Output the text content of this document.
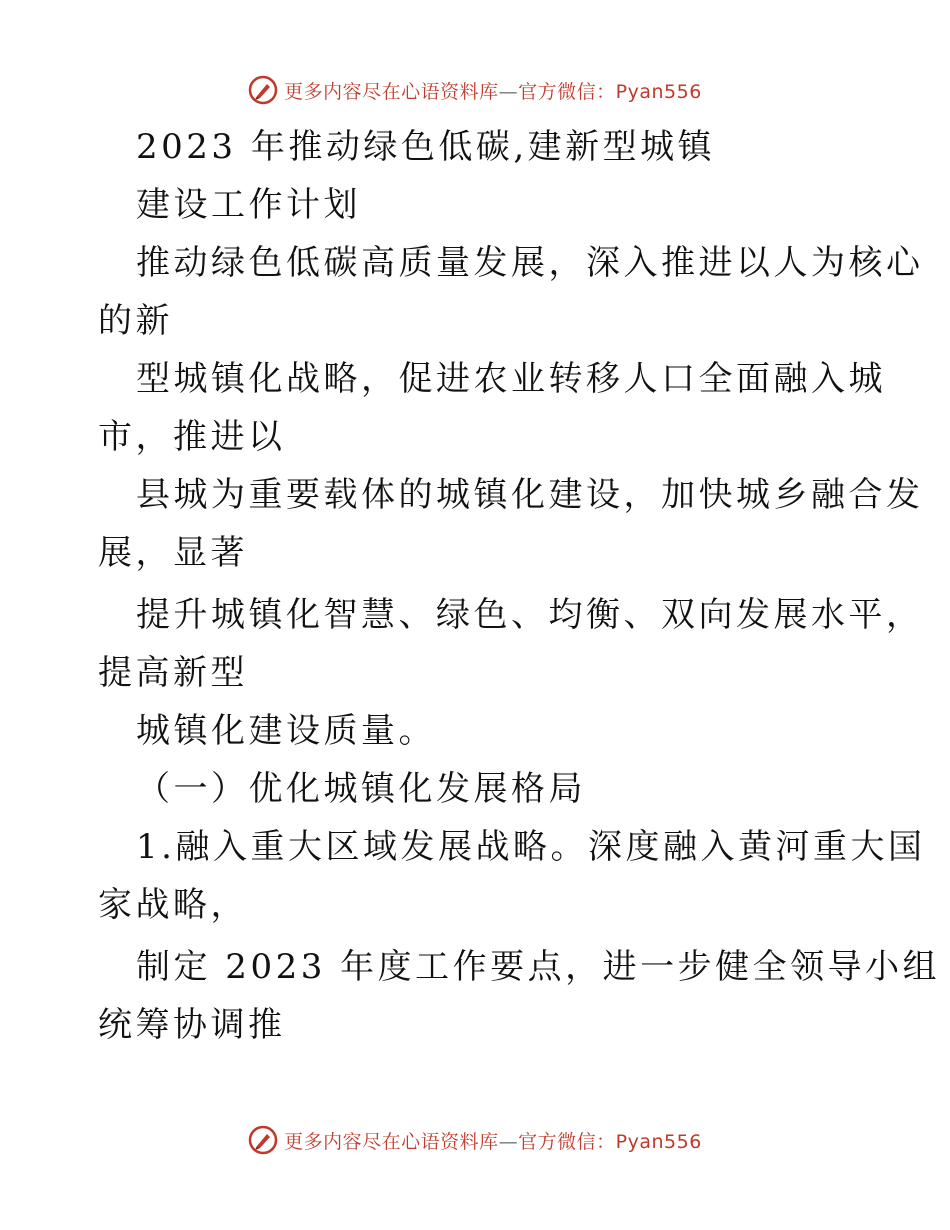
更多内容尽在心语资料库—官方微信：Pyan556
2023 年推动绿色低碳,建新型城镇
建设工作计划
推动绿色低碳高质量发展，深入推进以人为核心
的新
型城镇化战略，促进农业转移人口全面融入城
市，推进以
县城为重要载体的城镇化建设，加快城乡融合发
展，显著
提升城镇化智慧、绿色、均衡、双向发展水平，
提高新型
城镇化建设质量。
（一）优化城镇化发展格局
1.融入重大区域发展战略。深度融入黄河重大国
家战略，
制定 2023 年度工作要点，进一步健全领导小组
统筹协调推
更多内容尽在心语资料库—官方微信：Pyan556
